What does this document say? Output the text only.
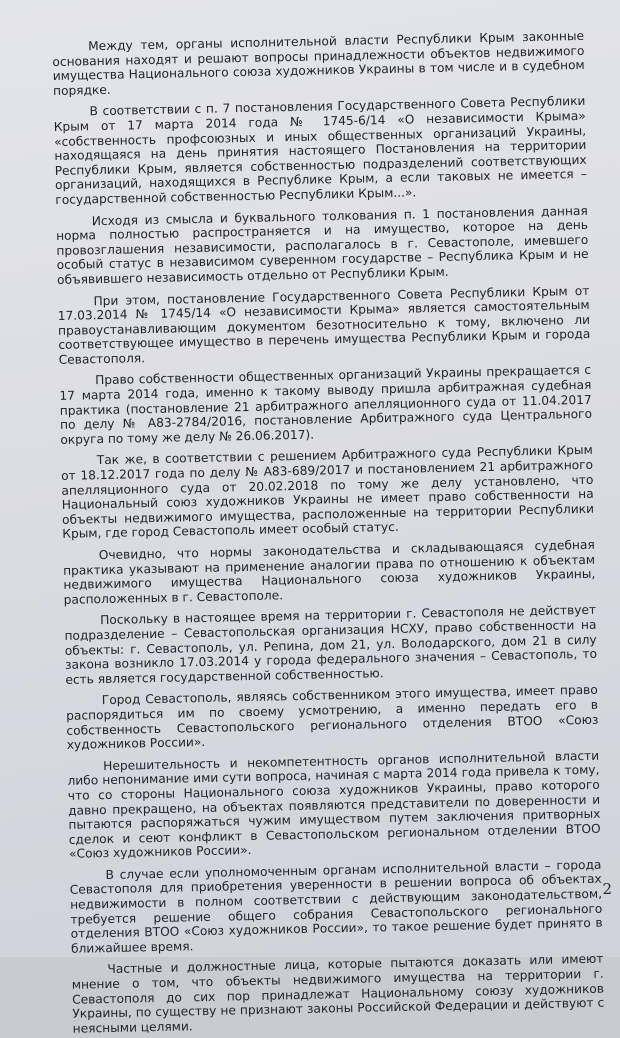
Между тем, органы исполнительной власти Республики Крым законные основания находят и решают вопросы принадлежности объектов недвижимого имущества Национального союза художников Украины в том числе и в судебном порядке.

В соответствии с п. 7 постановления Государственного Совета Республики Крым от 17 марта 2014 года № 1745-6/14 «О независимости Крыма» «собственность профсоюзных и иных общественных организаций Украины, находящаяся на день принятия настоящего Постановления на территории Республики Крым, является собственностью подразделений соответствующих организаций, находящихся в Республике Крым, а если таковых не имеется – государственной собственностью Республики Крым...».

Исходя из смысла и буквального толкования п. 1 постановления данная норма полностью распространяется и на имущество, которое на день провозглашения независимости, располагалось в г. Севастополе, имевшего особый статус в независимом суверенном государстве – Республика Крым и не объявившего независимость отдельно от Республики Крым.

При этом, постановление Государственного Совета Республики Крым от 17.03.2014 № 1745/14 «О независимости Крыма» является самостоятельным правоустанавливающим документом безотносительно к тому, включено ли соответствующее имущество в перечень имущества Республики Крым и города Севастополя.

Право собственности общественных организаций Украины прекращается с 17 марта 2014 года, именно к такому выводу пришла арбитражная судебная практика (постановление 21 арбитражного апелляционного суда от 11.04.2017 по делу № А83-2784/2016, постановление Арбитражного суда Центрального округа по тому же делу № 26.06.2017).

Так же, в соответствии с решением Арбитражного суда Республики Крым от 18.12.2017 года по делу № А83-689/2017 и постановлением 21 арбитражного апелляционного суда от 20.02.2018 по тому же делу установлено, что Национальный союз художников Украины не имеет право собственности на объекты недвижимого имущества, расположенные на территории Республики Крым, где город Севастополь имеет особый статус.

Очевидно, что нормы законодательства и складывающаяся судебная практика указывают на применение аналогии права по отношению к объектам недвижимого имущества Национального союза художников Украины, расположенных в г. Севастополе.

Поскольку в настоящее время на территории г. Севастополя не действует подразделение – Севастопольская организация НСХУ, право собственности на объекты: г. Севастополь, ул. Репина, дом 21, ул. Володарского, дом 21 в силу закона возникло 17.03.2014 у города федерального значения – Севастополь, то есть является государственной собственностью.

Город Севастополь, являясь собственником этого имущества, имеет право распорядиться им по своему усмотрению, а именно передать его в собственность Севастопольского регионального отделения ВТОО «Союз художников России».

Нерешительность и некомпетентность органов исполнительной власти либо непонимание ими сути вопроса, начиная с марта 2014 года привела к тому, что со стороны Национального союза художников Украины, право которого давно прекращено, на объектах появляются представители по доверенности и пытаются распоряжаться чужим имуществом путем заключения притворных сделок и сеют конфликт в Севастопольском региональном отделении ВТОО «Союз художников России».

В случае если уполномоченным органам исполнительной власти – города Севастополя для приобретения уверенности в решении вопроса об объектах недвижимости в полном соответствии с действующим законодательством, требуется решение общего собрания Севастопольского регионального отделения ВТОО «Союз художников России», то такое решение будет принято в ближайшее время.

Частные и должностные лица, которые пытаются доказать или имеют мнение о том, что объекты недвижимого имущества на территории г. Севастополя до сих пор принадлежат Национальному союзу художников Украины, по существу не признают законы Российской Федерации и действуют с неясными целями.

2
